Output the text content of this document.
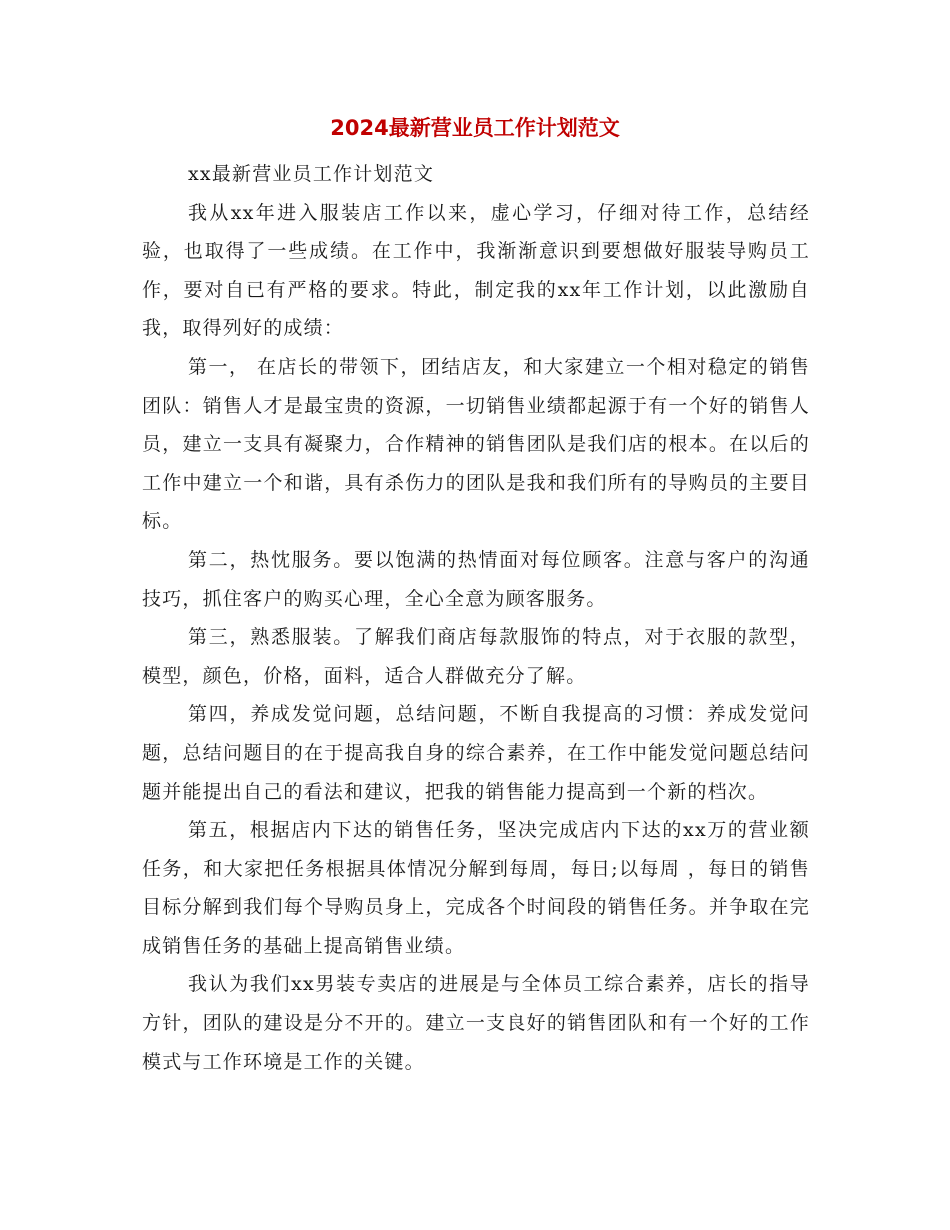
2024最新营业员工作计划范文

xx最新营业员工作计划范文

我从xx年进入服装店工作以来，虚心学习，仔细对待工作，总结经验，也取得了一些成绩。在工作中，我渐渐意识到要想做好服装导购员工作，要对自已有严格的要求。特此，制定我的xx年工作计划，以此激励自我，取得列好的成绩：

第一， 在店长的带领下，团结店友，和大家建立一个相对稳定的销售团队：销售人才是最宝贵的资源，一切销售业绩都起源于有一个好的销售人员，建立一支具有凝聚力，合作精神的销售团队是我们店的根本。在以后的工作中建立一个和谐，具有杀伤力的团队是我和我们所有的导购员的主要目标。

第二，热忱服务。要以饱满的热情面对每位顾客。注意与客户的沟通技巧，抓住客户的购买心理，全心全意为顾客服务。

第三，熟悉服装。了解我们商店每款服饰的特点，对于衣服的款型，模型，颜色，价格，面料，适合人群做充分了解。

第四，养成发觉问题，总结问题，不断自我提高的习惯：养成发觉问题，总结问题目的在于提高我自身的综合素养，在工作中能发觉问题总结问题并能提出自己的看法和建议，把我的销售能力提高到一个新的档次。

第五，根据店内下达的销售任务，坚决完成店内下达的xx万的营业额任务，和大家把任务根据具体情况分解到每周，每日;以每周 ，每日的销售目标分解到我们每个导购员身上，完成各个时间段的销售任务。并争取在完成销售任务的基础上提高销售业绩。

我认为我们xx男装专卖店的进展是与全体员工综合素养，店长的指导方针，团队的建设是分不开的。建立一支良好的销售团队和有一个好的工作模式与工作环境是工作的关键。
